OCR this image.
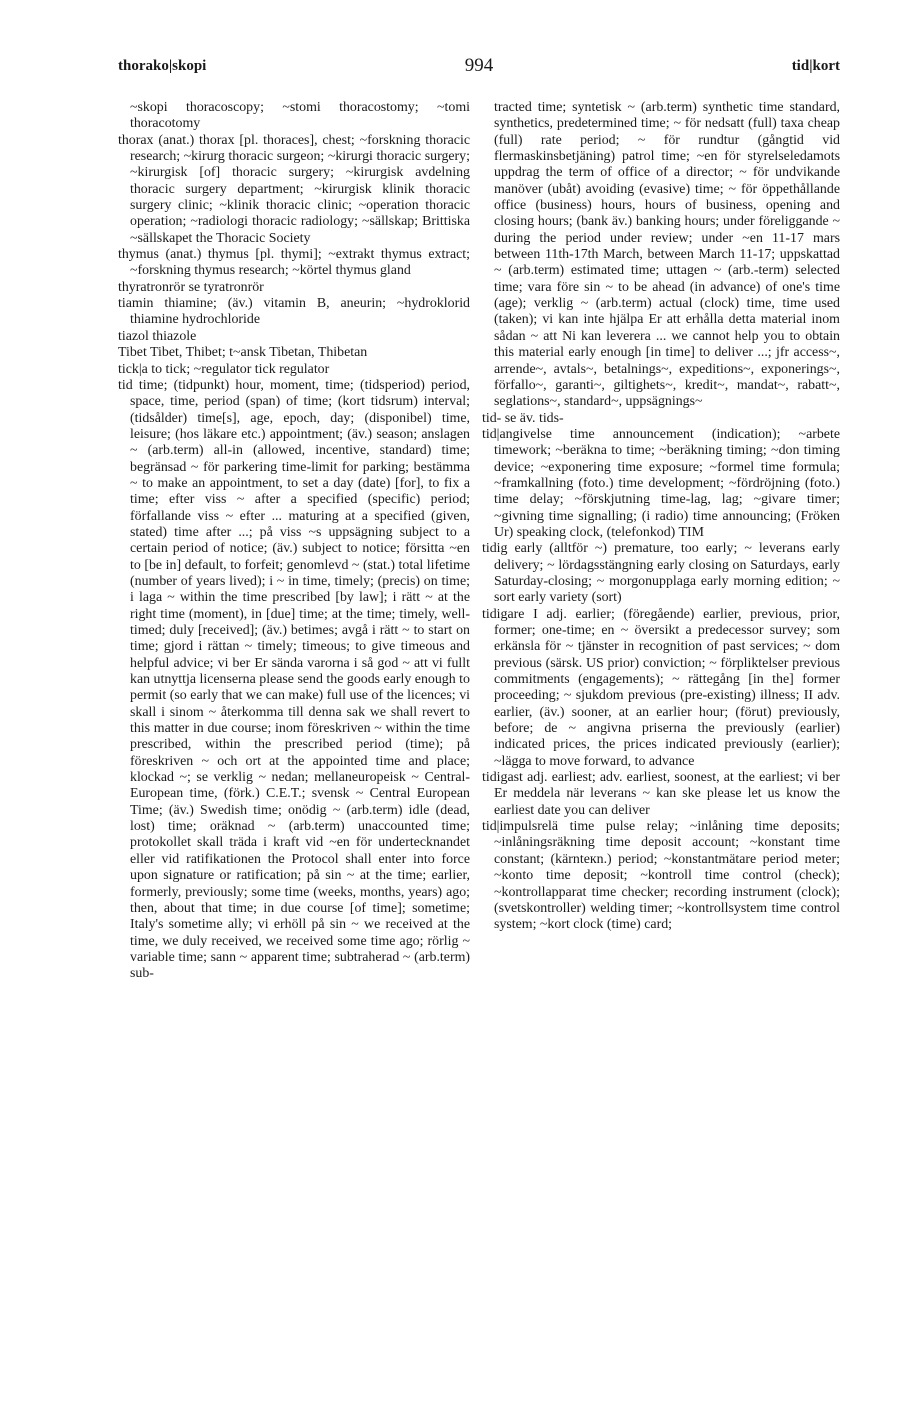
thorako|skopi	994	tid|kort

~skopi thoracoscopy; ~stomi thoracostomy; ~tomi thoracotomy

thorax (anat.) thorax [pl. thoraces], chest; ~forskning thoracic research; ~kirurg thoracic surgeon; ~kirurgi thoracic surgery; ~kirurgisk [of] thoracic surgery; ~kirurgisk avdelning thoracic surgery department; ~kirurgisk klinik thoracic surgery clinic; ~klinik thoracic clinic; ~operation thoracic operation; ~radiologi thoracic radiology; ~sällskap; Brittiska ~sällskapet the Thoracic Society

thymus (anat.) thymus [pl. thymi]; ~extrakt thymus extract; ~forskning thymus research; ~körtel thymus gland

thyratronrör se tyratronrör

tiamin thiamine; (äv.) vitamin B, aneurin; ~hydroklorid thiamine hydrochloride

tiazol thiazole

Tibet Tibet, Thibet; t~ansk Tibetan, Thibetan

tick|a to tick; ~regulator tick regulator

tid time; (tidpunkt) hour, moment, time; (tidsperiod) period, space, time, period (span) of time; (kort tidsrum) interval; (tidsålder) time[s], age, epoch, day; (disponibel) time, leisure; (hos läkare etc.) appointment; (äv.) season; anslagen ~ (arb.term) all-in (allowed, incentive, standard) time; begränsad ~ för parkering time-limit for parking; bestämma ~ to make an appointment, to set a day (date) [for], to fix a time; efter viss ~ after a specified (specific) period; förfallande viss ~ efter ... maturing at a specified (given, stated) time after ...; på viss ~s uppsägning subject to a certain period of notice; (äv.) subject to notice; försitta ~en to [be in] default, to forfeit; genomlevd ~ (stat.) total lifetime (number of years lived); i ~ in time, timely; (precis) on time; i laga ~ within the time prescribed [by law]; i rätt ~ at the right time (moment), in [due] time; at the time; timely, well-timed; duly [received]; (äv.) betimes; avgå i rätt ~ to start on time; gjord i rättan ~ timely; timeous; to give timeous and helpful advice; vi ber Er sända varorna i så god ~ att vi fullt kan utnyttja licenserna please send the goods early enough to permit (so early that we can make) full use of the licences; vi skall i sinom ~ återkomma till denna sak we shall revert to this matter in due course; inom föreskriven ~ within the time prescribed, within the prescribed period (time); på föreskriven ~ och ort at the appointed time and place; klockad ~; se verklig ~ nedan; mellaneuropeisk ~ Central-European time, (förk.) C.E.T.; svensk ~ Central European Time; (äv.) Swedish time; onödig ~ (arb.term) idle (dead, lost) time; oräknad ~ (arb.term) unaccounted time; protokollet skall träda i kraft vid ~en för undertecknandet eller vid ratifikationen the Protocol shall enter into force upon signature or ratification; på sin ~ at the time; earlier, formerly, previously; some time (weeks, months, years) ago; then, about that time; in due course [of time]; sometime; Italy's sometime ally; vi erhöll på sin ~ we received at the time, we duly received, we received some time ago; rörlig ~ variable time; sann ~ apparent time; subtraherad ~ (arb.term) sub-

tracted time; syntetisk ~ (arb.term) synthetic time standard, synthetics, predetermined time; ~ för nedsatt (full) taxa cheap (full) rate period; ~ för rundtur (gångtid vid flermaskinsbetjäning) patrol time; ~en för styrelseledamots uppdrag the term of office of a director; ~ för undvikande manöver (ubåt) avoiding (evasive) time; ~ för öppethållande office (business) hours, hours of business, opening and closing hours; (bank äv.) banking hours; under föreliggande ~ during the period under review; under ~en 11-17 mars between 11th-17th March, between March 11-17; uppskattad ~ (arb.term) estimated time; uttagen ~ (arb.-term) selected time; vara före sin ~ to be ahead (in advance) of one's time (age); verklig ~ (arb.term) actual (clock) time, time used (taken); vi kan inte hjälpa Er att erhålla detta material inom sådan ~ att Ni kan leverera ... we cannot help you to obtain this material early enough [in time] to deliver ...; jfr access~, arrende~, avtals~, betalnings~, expeditions~, exponerings~, förfallo~, garanti~, giltighets~, kredit~, mandat~, rabatt~, seglations~, standard~, uppsägnings~

tid- se äv. tids-

tid|angivelse time announcement (indication); ~arbete timework; ~beräkna to time; ~beräkning timing; ~don timing device; ~exponering time exposure; ~formel time formula; ~framkallning (foto.) time development; ~fördröjning (foto.) time delay; ~förskjutning time-lag, lag; ~givare timer; ~givning time signalling; (i radio) time announcing; (Fröken Ur) speaking clock, (telefonkod) TIM

tidig early (alltför ~) premature, too early; ~ leverans early delivery; ~ lördagsstängning early closing on Saturdays, early Saturday-closing; ~ morgonupplaga early morning edition; ~ sort early variety (sort)

tidigare I adj. earlier; (föregående) earlier, previous, prior, former; one-time; en ~ översikt a predecessor survey; som erkänsla för ~ tjänster in recognition of past services; ~ dom previous (särsk. US prior) conviction; ~ förpliktelser previous commitments (engagements); ~ rättegång [in the] former proceeding; ~ sjukdom previous (pre-existing) illness; II adv. earlier, (äv.) sooner, at an earlier hour; (förut) previously, before; de ~ angivna priserna the previously (earlier) indicated prices, the prices indicated previously (earlier); ~lägga to move forward, to advance

tidigast adj. earliest; adv. earliest, soonest, at the earliest; vi ber Er meddela när leverans ~ kan ske please let us know the earliest date you can deliver

tid|impulsrelä time pulse relay; ~inlåning time deposits; ~inlåningsräkning time deposit account; ~konstant time constant; (kärnteкn.) period; ~konstantmätare period meter; ~konto time deposit; ~kontroll time control (check); ~kontrollapparat time checker; recording instrument (clock); (svetskontroller) welding timer; ~kontrollsystem time control system; ~kort clock (time) card;
